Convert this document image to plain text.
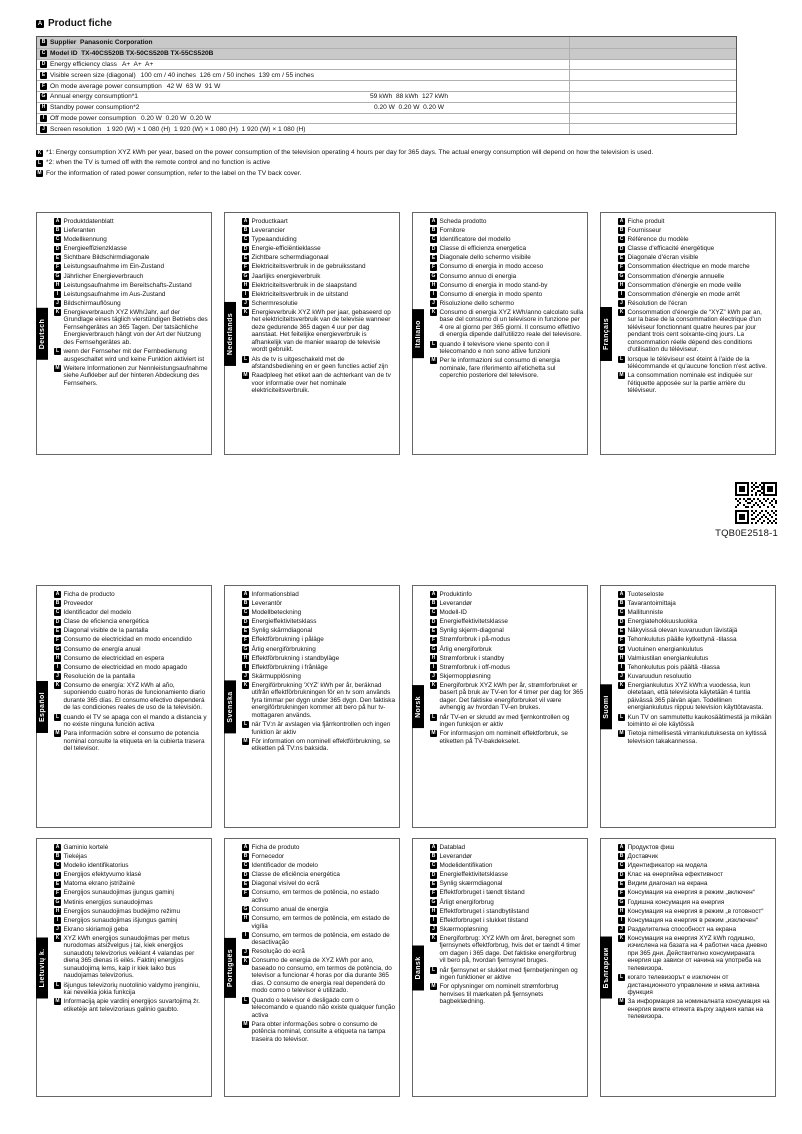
A Product fiche
B Supplier  Panasonic Corporation
C Model ID  TX-40CS520B TX-50CS520B TX-55CS520B
D Energy efficiency class A+  A+  A+
E Visible screen size (diagonal) 100 cm / 40 inches  126 cm / 50 inches  139 cm / 55 inches
F On mode average power consumption 42 W  63 W  91 W
G Annual energy consumption*1	59 kWh  88 kWh  127 kWh
H Standby power consumption*2	0.20 W  0.20 W  0.20 W
I Off mode power consumption 0.20 W  0.20 W  0.20 W
J Screen resolution 1 920 (W) × 1 080 (H)  1 920 (W) × 1 080 (H)  1 920 (W) × 1 080 (H)
K *1: Energy consumption XYZ kWh per year, based on the power consumption of the television operating 4 hours per day for 365 days. The actual energy consumption will depend on how the television is used.
L *2: when the TV is turned off with the remote control and no function is active
M For the information of rated power consumption, refer to the label on the TV back cover.
Deutsch
A Produktdatenblatt
B Lieferanten
C Modellkennung
D Energieeffizienzklasse
E Sichtbare Bildschirmdiagonale
F Leistungsaufnahme im Ein-Zustand
G Jährlicher Energieverbrauch
H Leistungsaufnahme im Bereitschafts-Zustand
I Leistungsaufnahme im Aus-Zustand
J Bildschirmauflösung
K Energieverbrauch XYZ kWh/Jahr, auf der Grundlage eines täglich vierstündigen Betriebs des Fernsehgerätes an 365 Tagen. Der tatsächliche Energieverbrauch hängt von der Art der Nutzung des Fernsehgerätes ab.
L wenn der Fernseher mit der Fernbedienung ausgeschaltet wird und keine Funktion aktiviert ist
M Weitere Informationen zur Nennleistungsaufnahme siehe Aufkleber auf der hinteren Abdeckung des Fernsehers.
Nederlands
A Productkaart
B Leverancier
C Typeaanduiding
D Energie-efficiëntieklasse
E Zichtbare schermdiagonaal
F Elektriciteitsverbruik in de gebruiksstand
G Jaarlijks energieverbruik
H Elektriciteitsverbruik in de slaapstand
I Elektriciteitsverbruik in de uitstand
J Schermresolutie
K Energieverbruik XYZ kWh per jaar, gebaseerd op het elektriciteitsverbruik van de televisie wanneer deze gedurende 365 dagen 4 uur per dag aanstaat. Het feitelijke energieverbruik is afhankelijk van de manier waarop de televisie wordt gebruikt.
L Als de tv is uitgeschakeld met de afstandsbediening en er geen functies actief zijn
M Raadpleeg het etiket aan de achterkant van de tv voor informatie over het nominale elektriciteitsverbruik.
Italiano
A Scheda prodotto
B Fornitore
C Identificatore del modello
D Classe di efficienza energetica
E Diagonale dello schermo visibile
F Consumo di energia in modo acceso
G Consumo annuo di energia
H Consumo di energia in modo stand-by
I Consumo di energia in modo spento
J Risoluzione dello schermo
K Consumo di energia XYZ kWh/anno calcolato sulla base del consumo di un televisore in funzione per 4 ore al giorno per 365 giorni. Il consumo effettivo di energia dipende dall'utilizzo reale del televisore.
L quando il televisore viene spento con il telecomando e non sono attive funzioni
M Per le informazioni sul consumo di energia nominale, fare riferimento all'etichetta sul coperchio posteriore del televisore.
Français
A Fiche produit
B Fournisseur
C Référence du modèle
D Classe d'efficacité énergétique
E Diagonale d'écran visible
F Consommation électrique en mode marche
G Consommation d'énergie annuelle
H Consommation d'énergie en mode veille
I Consommation d'énergie en mode arrêt
J Résolution de l'écran
K Consommation d'énergie de “XYZ” kWh par an, sur la base de la consommation électrique d'un téléviseur fonctionnant quatre heures par jour pendant trois cent soixante-cinq jours. La consommation réelle dépend des conditions d'utilisation du téléviseur.
L lorsque le téléviseur est éteint à l'aide de la télécommande et qu'aucune fonction n'est active.
M La consommation nominale est indiquée sur l'étiquette apposée sur la partie arrière du téléviseur.
TQB0E2518-1
Español
A Ficha de producto
B Proveedor
C Identificador del modelo
D Clase de eficiencia energética
E Diagonal visible de la pantalla
F Consumo de electricidad en modo encendido
G Consumo de energía anual
H Consumo de electricidad en espera
I Consumo de electricidad en modo apagado
J Resolución de la pantalla
K Consumo de energía: XYZ kWh al año, suponiendo cuatro horas de funcionamiento diario durante 365 días. El consumo efectivo dependerá de las condiciones reales de uso de la televisión.
L cuando el TV se apaga con el mando a distancia y no existe ninguna función activa
M Para información sobre el consumo de potencia nominal consulte la etiqueta en la cubierta trasera del televisor.
Svenska
A Informationsblad
B Leverantör
C Modellbeteckning
D Energieffektivitetsklass
E Synlig skärmdiagonal
F Effektförbrukning i påläge
G Årlig energiförbrukning
H Effektförbrukning i standbyläge
I Effektförbrukning i frånläge
J Skärmupplösning
K Energiförbrukning 'XYZ' kWh per år, beräknad utifrån effektförbrukningen för en tv som används fyra timmar per dygn under 365 dygn. Den faktiska energiförbrukningen kommer att bero på hur tv-mottagaren används.
L när TV:n är avslagen via fjärrkontrollen och ingen funktion är aktiv
M För information om nominell effektförbrukning, se etiketten på TV:ns baksida.
Norsk
A Produktinfo
B Leverandør
C Modell-ID
D Energieffektivitetsklasse
E Synlig skjerm-diagonal
F Strømforbruk i på-modus
G Årlig energiforbruk
H Strømforbruk i standby
I Strømforbruk i off-modus
J Skjermoppløsning
K Energiforbruk XYZ kWh per år, strømforbruket er basert på bruk av TV-en for 4 timer per dag for 365 dager. Det faktiske energiforbruket vil være avhengig av hvordan TV-en brukes.
L når TV-en er skrudd av med fjernkontrollen og ingen funksjon er aktiv
M For informasjon om nominelt effektforbruk, se etiketten på TV-bakdekselet.
Suomi
A Tuoteseloste
B Tavarantoimittaja
C Mallitunniste
D Energiatehokkuusluokka
E Näkyvissä olevan kuvaruudun lävistäjä
F Tehonkulutus päälle kytkettynä -tilassa
G Vuotuinen energiankulutus
H Valmiustilan energiankulutus
I Tehonkulutus pois päältä -tilassa
J Kuvaruudun resoluutio
K Energiankulutus XYZ kWh:a vuodessa, kun oletetaan, että televisiota käytetään 4 tuntia päivässä 365 päivän ajan. Todellinen energiankulutus riippuu television käyttötavasta.
L Kun TV on sammutettu kaukosäätimestä ja mikään toiminto ei ole käytössä
M Tietoja nimellisestä virrankulutuksesta on kyltissä television takakannessa.
Lietuvių k.
A Gaminio kortelė
B Tiekėjas
C Modelio identifikatorius
D Energijos efektyvumo klasė
E Matoma ekrano įstrižainė
F Energijos sunaudojimas įjungus gaminį
G Metinis energijos sunaudojimas
H Energijos sunaudojimas budėjimo režimu
I Energijos sunaudojimas išjungus gaminį
J Ekrano skiriamoji geba
K XYZ kWh energijos sunaudojimas per metus nurodomas atsižvelgus į tai, kiek energijos sunaudotų televizorius veikiant 4 valandas per dieną 365 dienas iš eilės. Faktinį energijos sunaudojimą lems, kaip ir kiek laiko bus naudojamas televizorius.
L išjungus televizorių nuotolinio valdymo įrenginiu, kai neveikia jokia funkcija
M Informaciją apie vardinį energijos suvartojimą žr. etiketėje ant televizoriaus galinio gaubto.
Português
A Ficha de produto
B Fornecedor
C Identificador de modelo
D Classe de eficiência energética
E Diagonal visível do ecrã
F Consumo, em termos de potência, no estado activo
G Consumo anual de energia
H Consumo, em termos de potência, em estado de vigília
I Consumo, em termos de potência, em estado de desactivação
J Resolução do ecrã
K Consumo de energia de XYZ kWh por ano, baseado no consumo, em termos de potência, do televisor a funcionar 4 horas por dia durante 365 dias. O consumo de energia real dependerá do modo como o televisor é utilizado.
L Quando o televisor é desligado com o telecomando e quando não existe qualquer função activa
M Para obter informações sobre o consumo de potência nominal, consulte a etiqueta na tampa traseira do televisor.
Dansk
A Datablad
B Leverandør
C Modelidentifikation
D Energieffektivitetsklasse
E Synlig skærmdiagonal
F Effektforbruget i tændt tilstand
G Årligt energiforbrug
H Effektforbruget i standbytilstand
I Effektforbruget i slukket tilstand
J Skærmopløsning
K Energiforbrug: XYZ kWh om året, beregnet som fjernsynets effektforbrug, hvis det er tændt 4 timer om dagen i 365 dage. Det faktiske energiforbrug vil bero på, hvordan fjernsynet bruges.
L når fjernsynet er slukket med fjernbetjeningen og ingen funktioner er aktive
M For oplysninger om nominelt strømforbrug henvises til mærkaten på fjernsynets bagbeklædning.
Български
A Продуктов фиш
B Доставчик
C Идентификатор на модела
D Клас на енергийна ефективност
E Видим диагонал на екрана
F Консумация на енергия в режим „включен“
G Годишна консумация на енергия
H Консумация на енергия в режим „в готовност“
I Консумация на енергия в режим „изключен“
J Разделителна способност на екрана
K Консумация на енергия XYZ kWh годишно, изчислена на базата на 4 работни часа дневно при 365 дни. Действително консумираната енергия ще зависи от начина на употреба на телевизора.
L когато телевизорът е изключен от дистанционното управление и няма активна функция
M За информация за номиналната консумация на енергия вижте етикета върху задния капак на телевизора.
